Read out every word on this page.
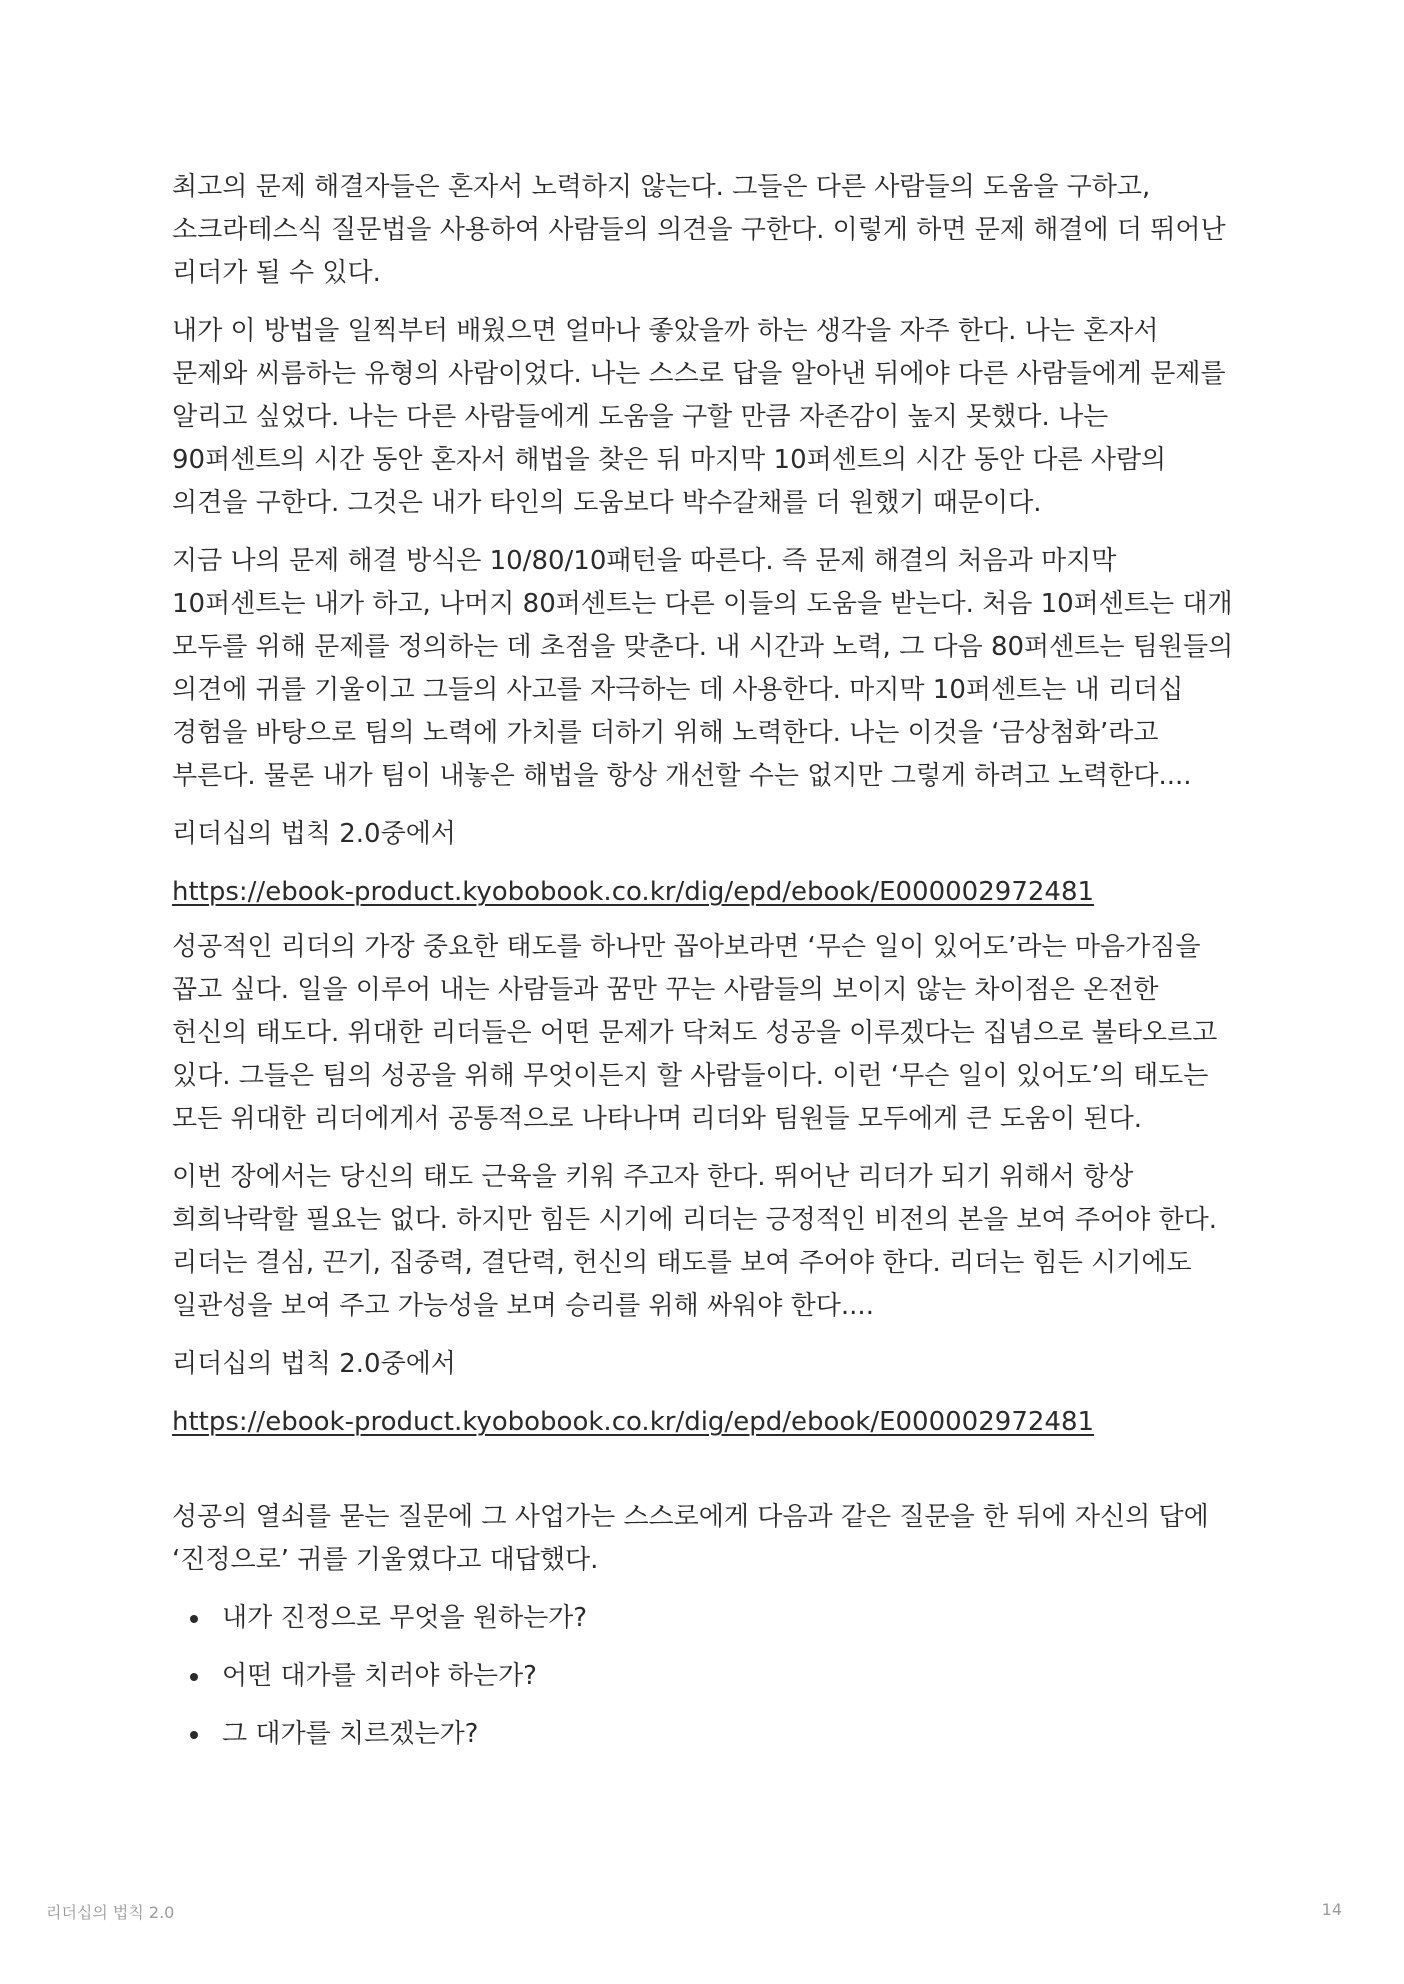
최고의 문제 해결자들은 혼자서 노력하지 않는다. 그들은 다른 사람들의 도움을 구하고, 소크라테스식 질문법을 사용하여 사람들의 의견을 구한다. 이렇게 하면 문제 해결에 더 뛰어난 리더가 될 수 있다.

내가 이 방법을 일찍부터 배웠으면 얼마나 좋았을까 하는 생각을 자주 한다. 나는 혼자서 문제와 씨름하는 유형의 사람이었다. 나는 스스로 답을 알아낸 뒤에야 다른 사람들에게 문제를 알리고 싶었다. 나는 다른 사람들에게 도움을 구할 만큼 자존감이 높지 못했다. 나는 90퍼센트의 시간 동안 혼자서 해법을 찾은 뒤 마지막 10퍼센트의 시간 동안 다른 사람의 의견을 구한다. 그것은 내가 타인의 도움보다 박수갈채를 더 원했기 때문이다.

지금 나의 문제 해결 방식은 10/80/10패턴을 따른다. 즉 문제 해결의 처음과 마지막 10퍼센트는 내가 하고, 나머지 80퍼센트는 다른 이들의 도움을 받는다. 처음 10퍼센트는 대개 모두를 위해 문제를 정의하는 데 초점을 맞춘다. 내 시간과 노력, 그 다음 80퍼센트는 팀원들의 의견에 귀를 기울이고 그들의 사고를 자극하는 데 사용한다. 마지막 10퍼센트는 내 리더십 경험을 바탕으로 팀의 노력에 가치를 더하기 위해 노력한다. 나는 이것을 ‘금상첨화’라고 부른다. 물론 내가 팀이 내놓은 해법을 항상 개선할 수는 없지만 그렇게 하려고 노력한다....

리더십의 법칙 2.0중에서

https://ebook-product.kyobobook.co.kr/dig/epd/ebook/E000002972481

성공적인 리더의 가장 중요한 태도를 하나만 꼽아보라면 ‘무슨 일이 있어도’라는 마음가짐을 꼽고 싶다. 일을 이루어 내는 사람들과 꿈만 꾸는 사람들의 보이지 않는 차이점은 온전한 헌신의 태도다. 위대한 리더들은 어떤 문제가 닥쳐도 성공을 이루겠다는 집념으로 불타오르고 있다. 그들은 팀의 성공을 위해 무엇이든지 할 사람들이다. 이런 ‘무슨 일이 있어도’의 태도는 모든 위대한 리더에게서 공통적으로 나타나며 리더와 팀원들 모두에게 큰 도움이 된다.

이번 장에서는 당신의 태도 근육을 키워 주고자 한다. 뛰어난 리더가 되기 위해서 항상 희희낙락할 필요는 없다. 하지만 힘든 시기에 리더는 긍정적인 비전의 본을 보여 주어야 한다. 리더는 결심, 끈기, 집중력, 결단력, 헌신의 태도를 보여 주어야 한다. 리더는 힘든 시기에도 일관성을 보여 주고 가능성을 보며 승리를 위해 싸워야 한다....

리더십의 법칙 2.0중에서

https://ebook-product.kyobobook.co.kr/dig/epd/ebook/E000002972481

성공의 열쇠를 묻는 질문에 그 사업가는 스스로에게 다음과 같은 질문을 한 뒤에 자신의 답에 ‘진정으로’ 귀를 기울였다고 대답했다.

내가 진정으로 무엇을 원하는가?
어떤 대가를 치러야 하는가?
그 대가를 치르겠는가?
리더십의 법칙 2.0	14
